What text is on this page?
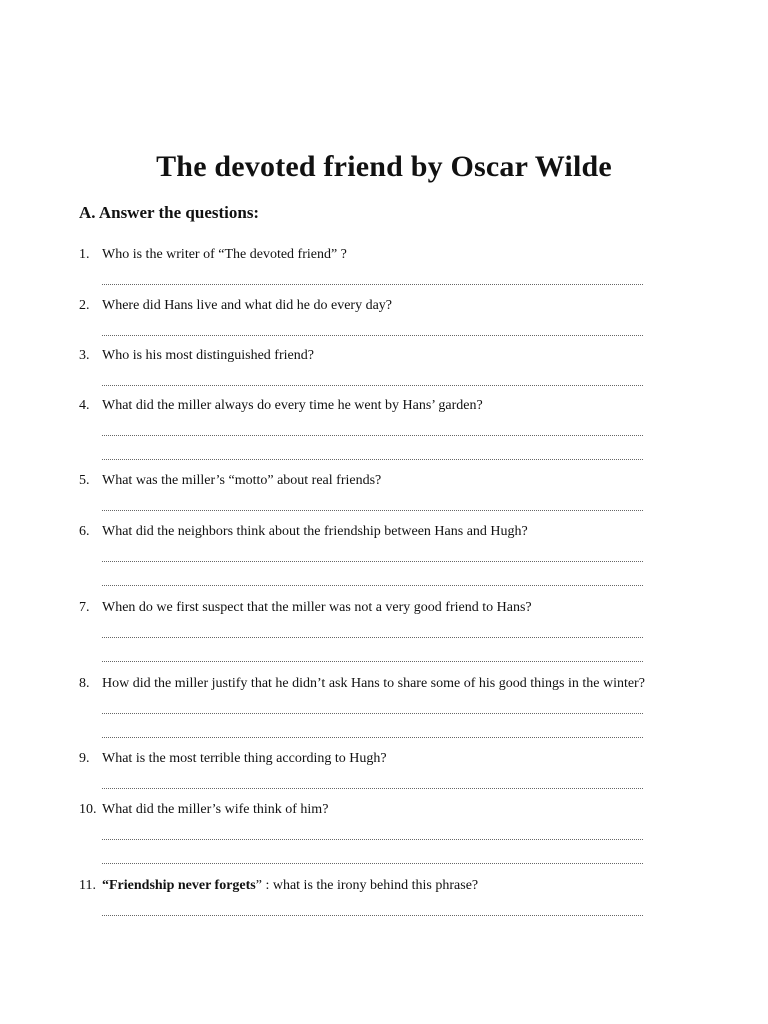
The devoted friend by Oscar Wilde
A. Answer the questions:
1. Who is the writer of “The devoted friend” ?
2. Where did Hans live and what did he do every day?
3. Who is his most distinguished friend?
4. What did the miller always do every time he went by Hans’ garden?
5. What was the miller’s “motto” about real friends?
6. What did the neighbors think about the friendship between Hans and Hugh?
7. When do we first suspect that the miller was not a very good friend to Hans?
8. How did the miller justify that he didn’t ask Hans to share some of his good things in the winter?
9. What is the most terrible thing according to Hugh?
10. What did the miller’s wife think of him?
11. “Friendship never forgets” : what is the irony behind this phrase?
